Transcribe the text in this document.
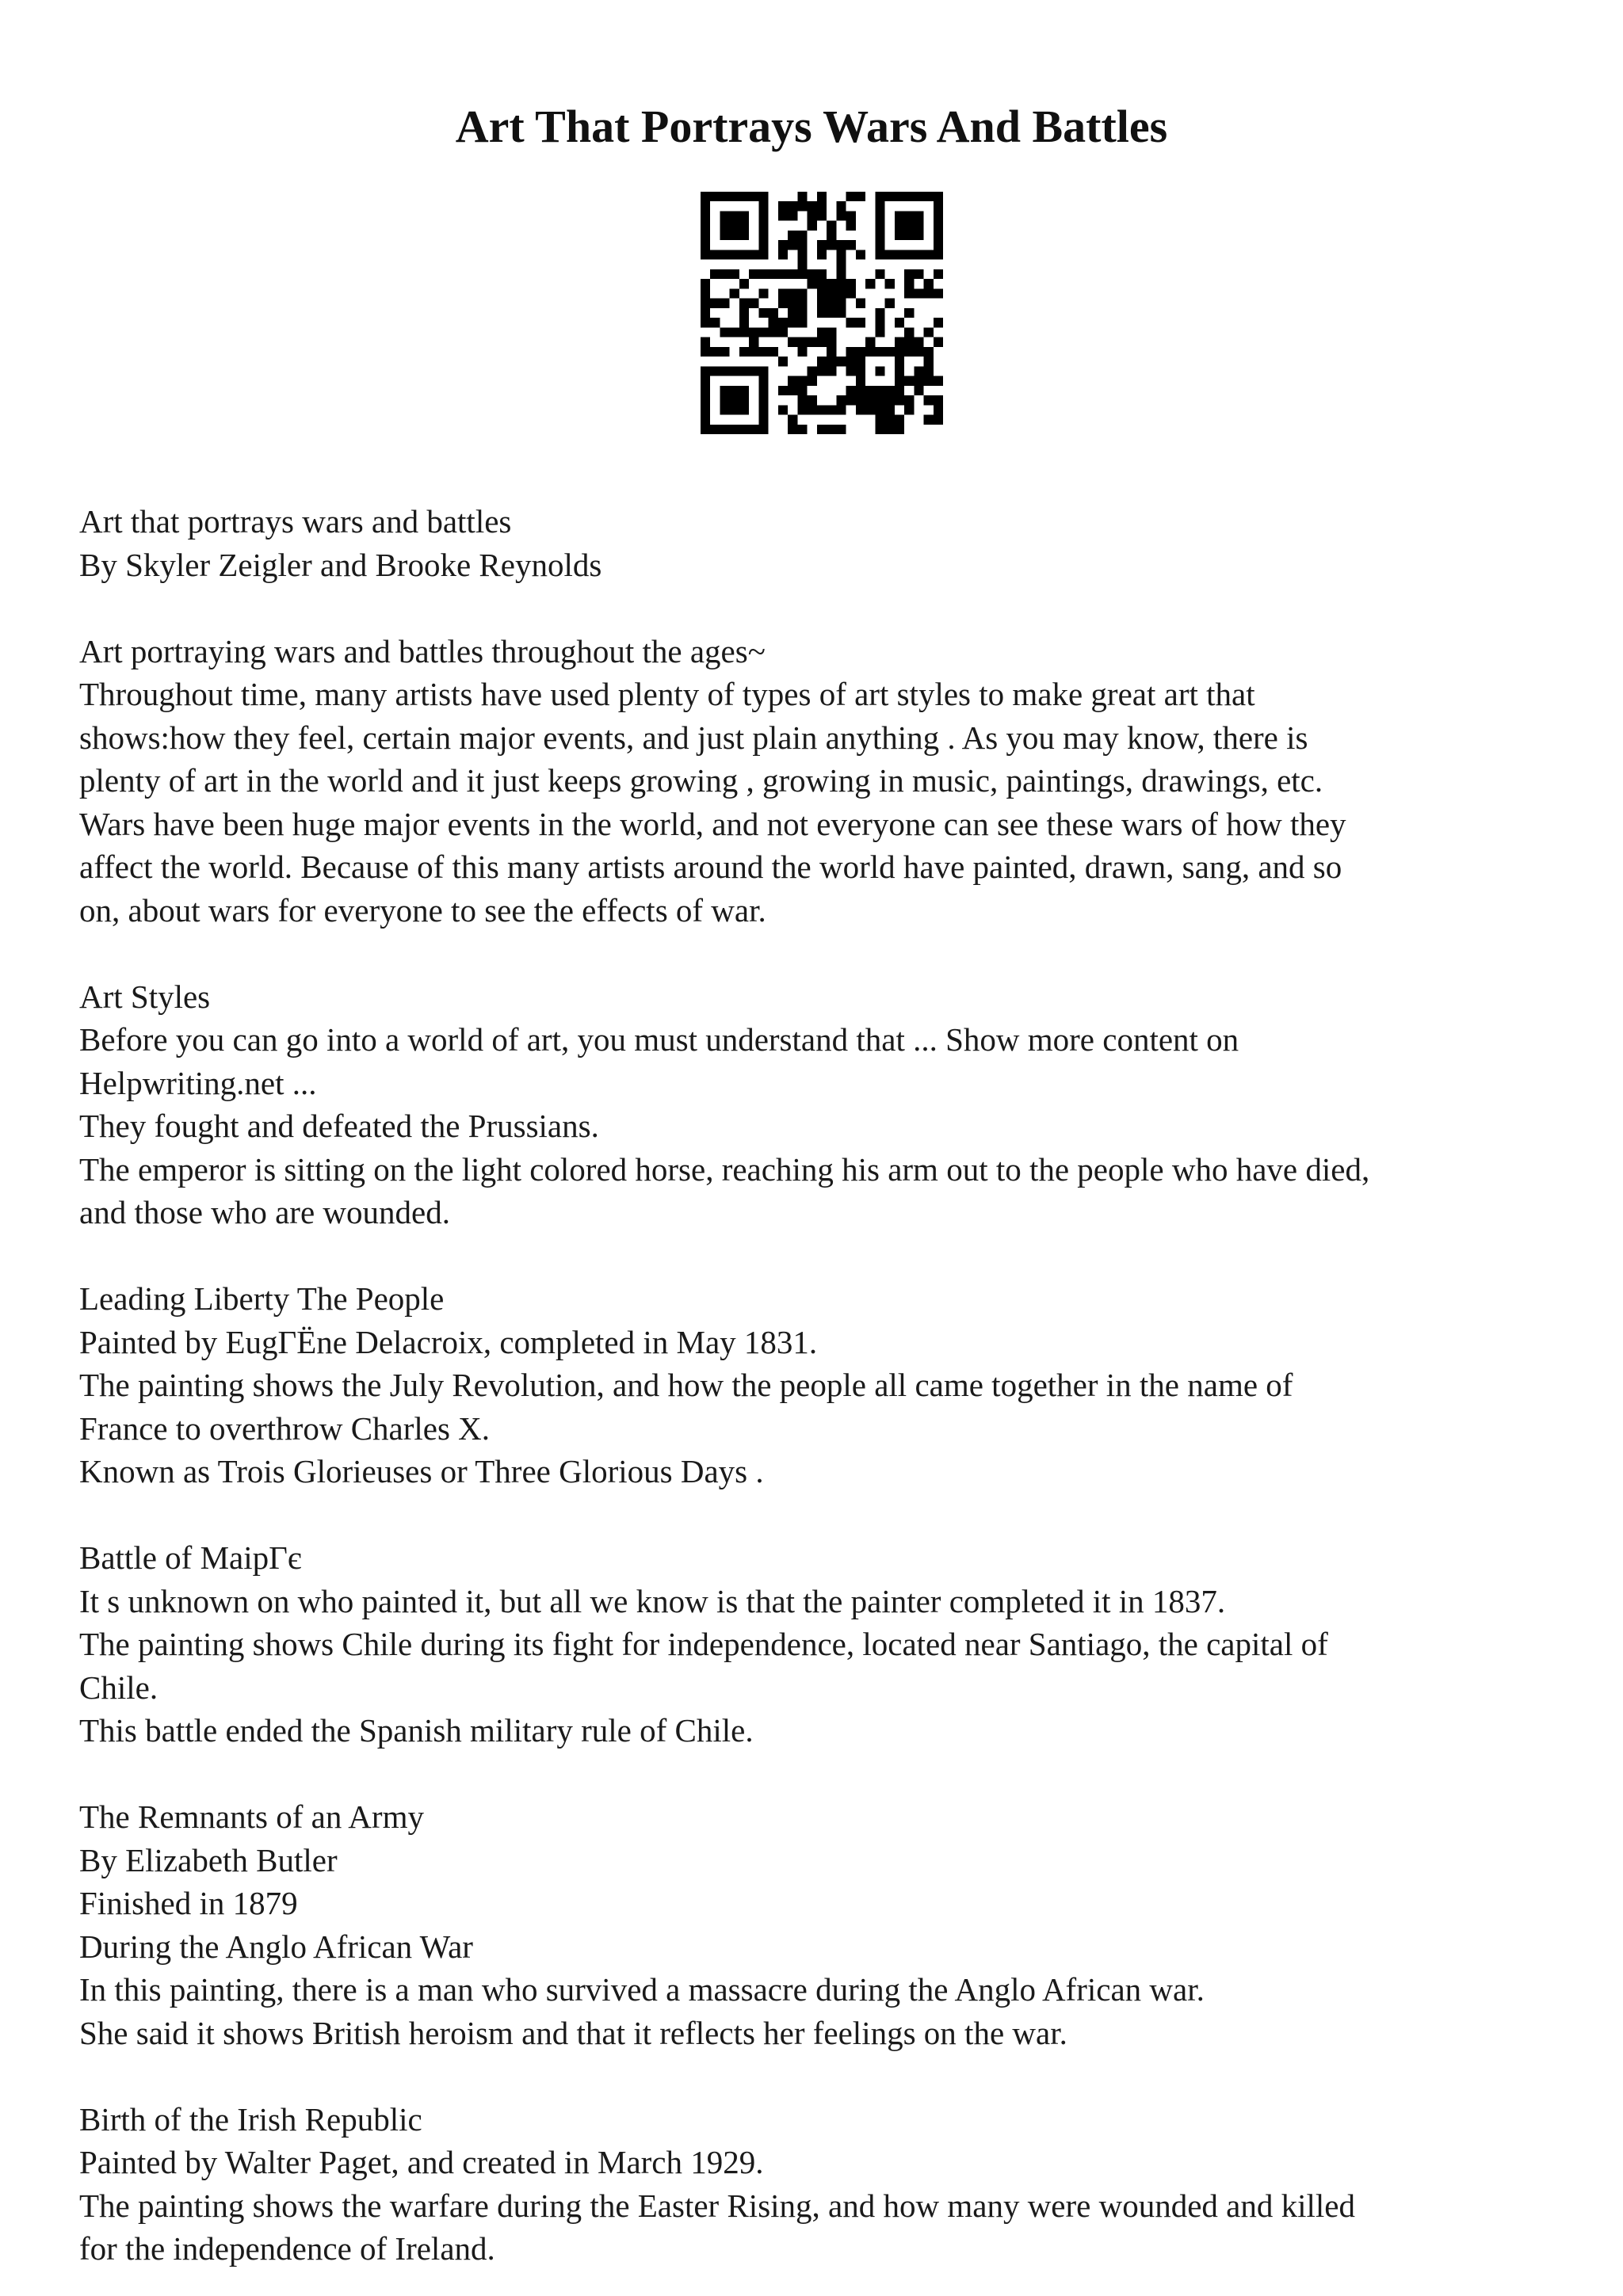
Art That Portrays Wars And Battles

Art that portrays wars and battles

By Skyler Zeigler and Brooke Reynolds

Art portraying wars and battles throughout the ages~

Throughout time, many artists have used plenty of types of art styles to make great art that

shows:how they feel, certain major events, and just plain anything . As you may know, there is

plenty of art in the world and it just keeps growing , growing in music, paintings, drawings, etc.

Wars have been huge major events in the world, and not everyone can see these wars of how they

affect the world. Because of this many artists around the world have painted, drawn, sang, and so

on, about wars for everyone to see the effects of war.

Art Styles

Before you can go into a world of art, you must understand that ... Show more content on

Helpwriting.net ...

They fought and defeated the Prussians.

The emperor is sitting on the light colored horse, reaching his arm out to the people who have died,

and those who are wounded.

Leading Liberty The People

Painted by EugГËne Delacroix, completed in May 1831.

The painting shows the July Revolution, and how the people all came together in the name of

France to overthrow Charles X.

Known as Trois Glorieuses or Three Glorious Days .

Battle of MaipГє

It s unknown on who painted it, but all we know is that the painter completed it in 1837.

The painting shows Chile during its fight for independence, located near Santiago, the capital of

Chile.

This battle ended the Spanish military rule of Chile.

The Remnants of an Army

By Elizabeth Butler

Finished in 1879

During the Anglo African War

In this painting, there is a man who survived a massacre during the Anglo African war.

She said it shows British heroism and that it reflects her feelings on the war.

Birth of the Irish Republic

Painted by Walter Paget, and created in March 1929.

The painting shows the warfare during the Easter Rising, and how many were wounded and killed

for the independence of Ireland.
